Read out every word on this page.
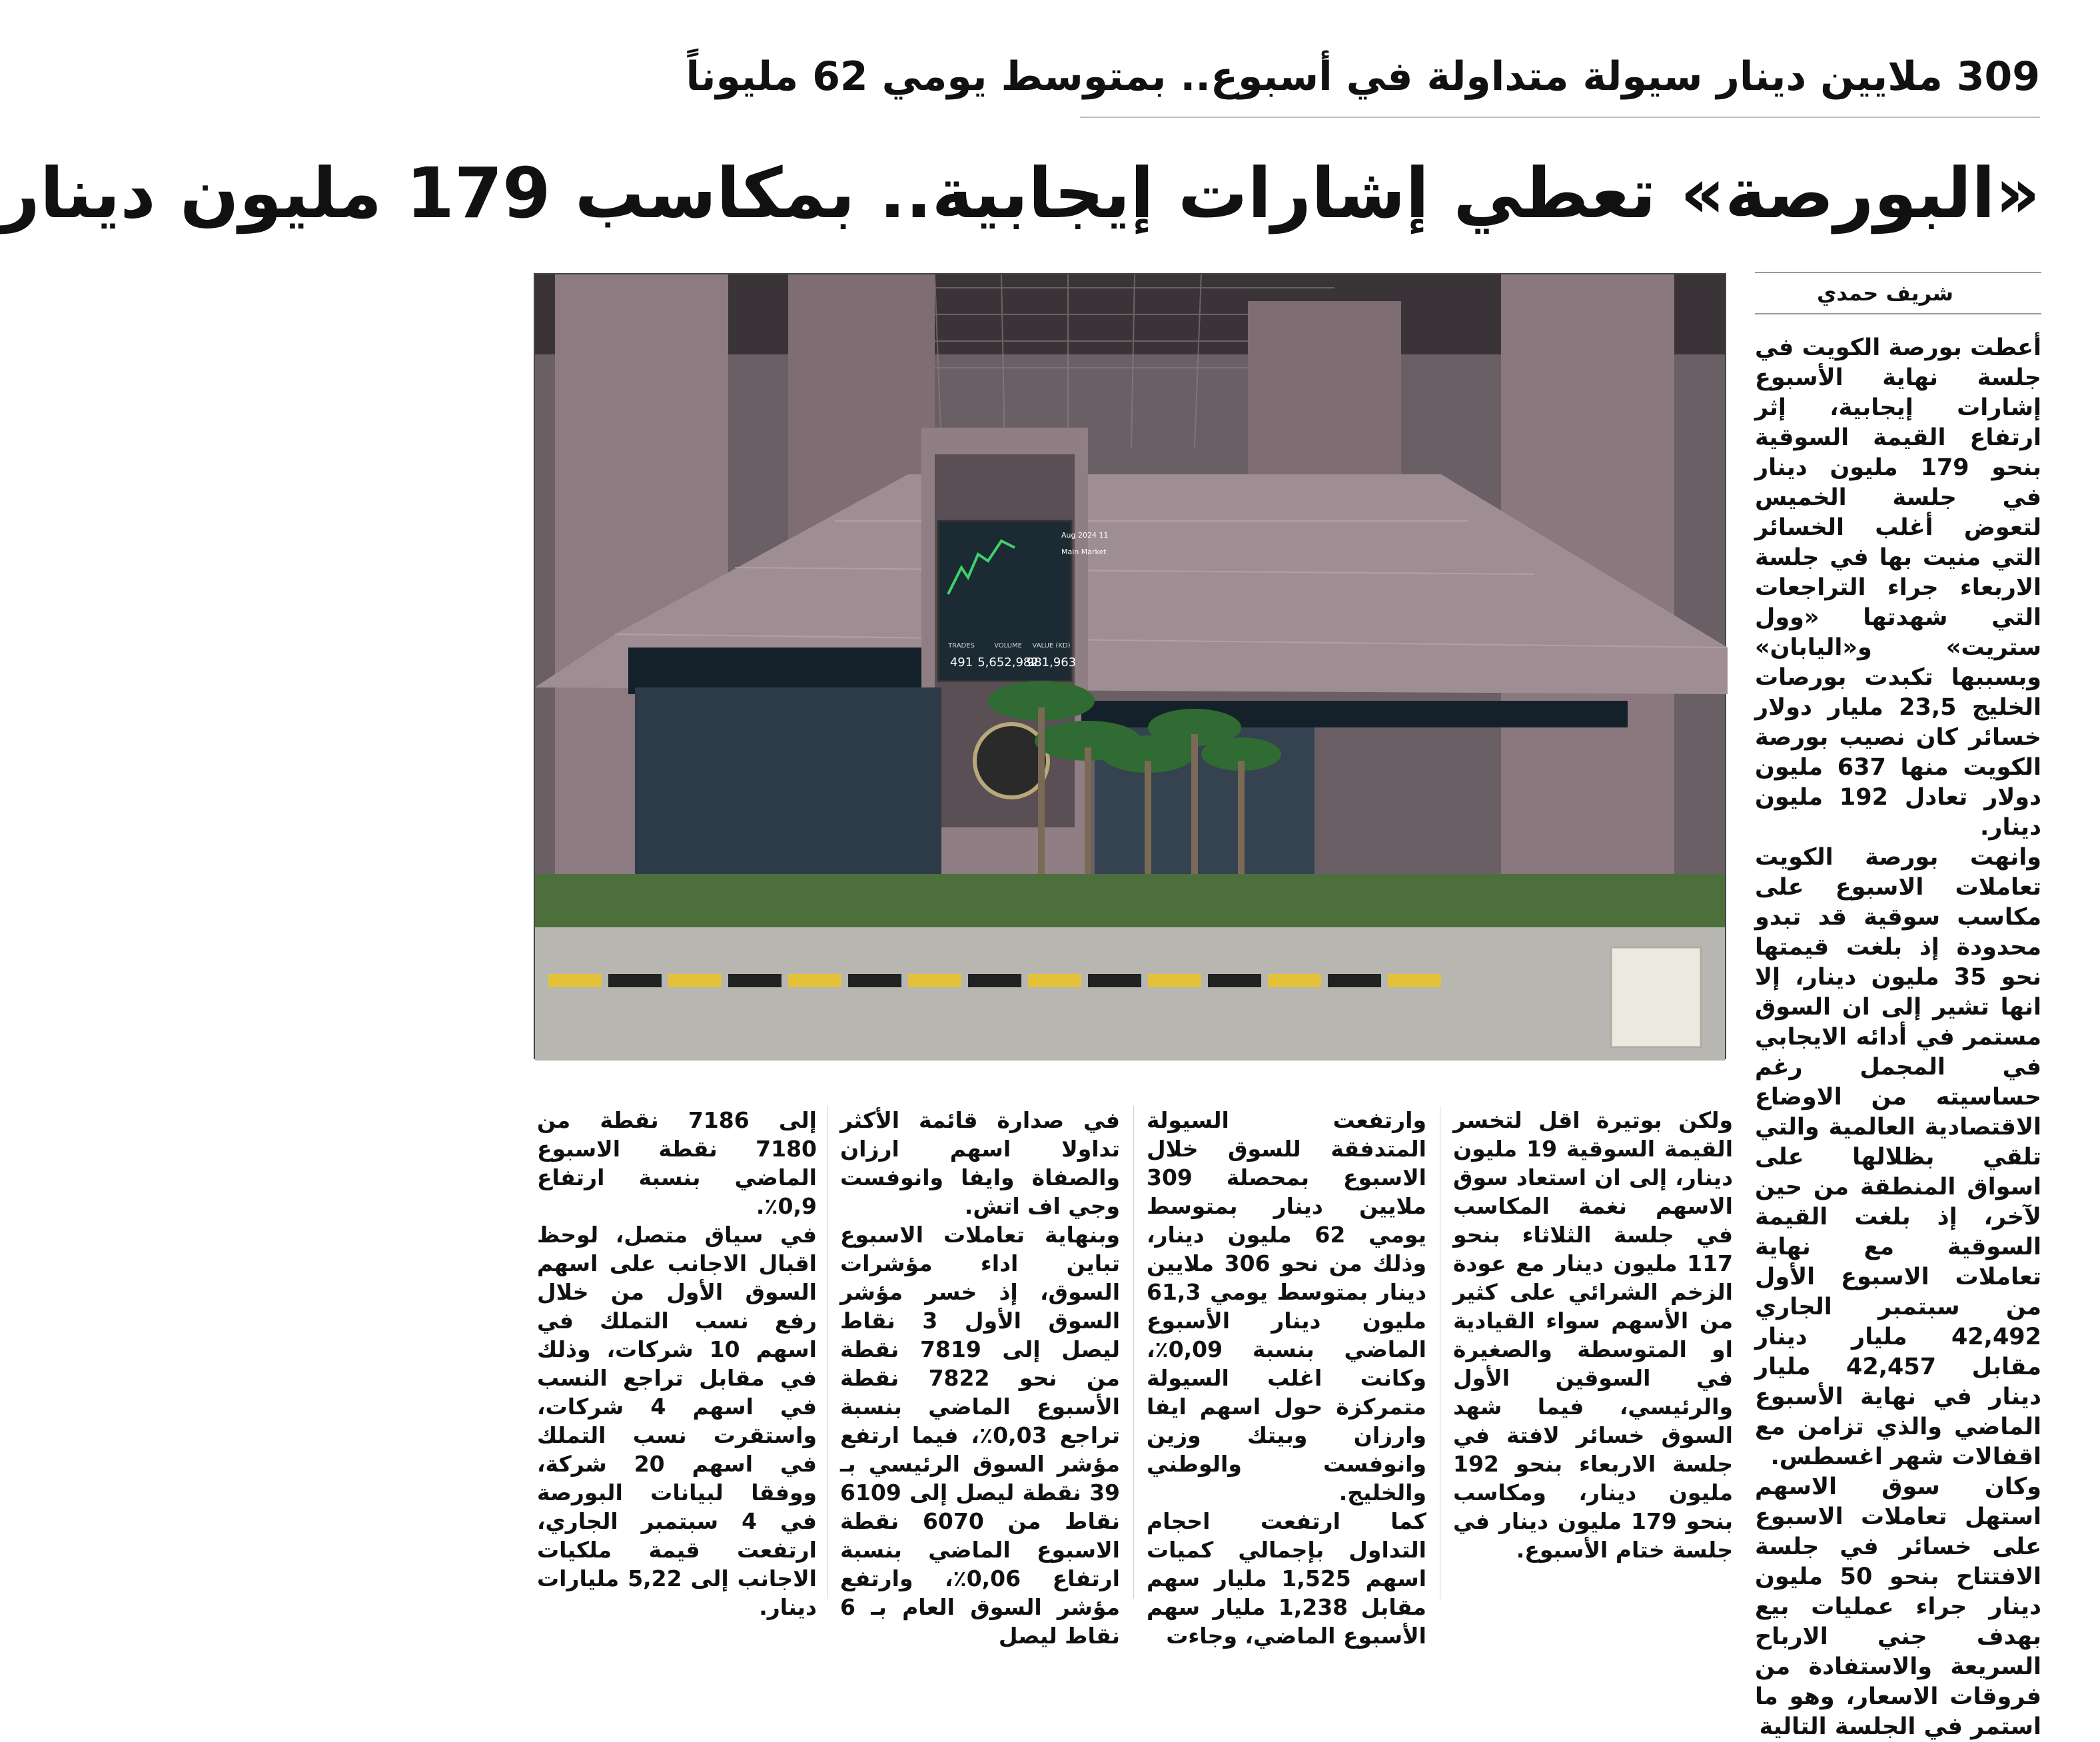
309 ملايين دينار سيولة متداولة في أسبوع.. بمتوسط يومي 62 مليوناً
«البورصة» تعطي إشارات إيجابية.. بمكاسب 179 مليون دينار
11 Aug 2024
Main Market
TRADES
491
VOLUME
5,652,982
VALUE (KD)
981,963
شريف حمدي

أعطت بورصة الكويت في جلسة نهاية الأسبوع إشارات إيجابية، إثر ارتفاع القيمة السوقية بنحو 179 مليون دينار في جلسة الخميس لتعوض أغلب الخسائر التي منيت بها في جلسة الاربعاء جراء التراجعات التي شهدتها «وول ستريت» و«اليابان» وبسببها تكبدت بورصات الخليج 23,5 مليار دولار خسائر كان نصيب بورصة الكويت منها 637 مليون دولار تعادل 192 مليون دينار.

وانهت بورصة الكويت تعاملات الاسبوع على مكاسب سوقية قد تبدو محدودة إذ بلغت قيمتها نحو 35 مليون دينار، إلا انها تشير إلى ان السوق مستمر في أدائه الايجابي في المجمل رغم حساسيته من الاوضاع الاقتصادية العالمية والتي تلقي بظلالها على اسواق المنطقة من حين لآخر، إذ بلغت القيمة السوقية مع نهاية تعاملات الاسبوع الأول من سبتمبر الجاري 42,492 مليار دينار مقابل 42,457 مليار دينار في نهاية الأسبوع الماضي والذي تزامن مع اقفالات شهر اغسطس.

وكان سوق الاسهم استهل تعاملات الاسبوع على خسائر في جلسة الافتتاح بنحو 50 مليون دينار جراء عمليات بيع بهدف جني الارباح السريعة والاستفادة من فروقات الاسعار، وهو ما استمر في الجلسة التالية

ولكن بوتيرة اقل لتخسر القيمة السوقية 19 مليون دينار، إلى ان استعاد سوق الاسهم نغمة المكاسب في جلسة الثلاثاء بنحو 117 مليون دينار مع عودة الزخم الشرائي على كثير من الأسهم سواء القيادية او المتوسطة والصغيرة في السوقين الأول والرئيسي، فيما شهد السوق خسائر لافتة في جلسة الاربعاء بنحو 192 مليون دينار، ومكاسب بنحو 179 مليون دينار في جلسة ختام الأسبوع.

وارتفعت السيولة المتدفقة للسوق خلال الاسبوع بمحصلة 309 ملايين دينار بمتوسط يومي 62 مليون دينار، وذلك من نحو 306 ملايين دينار بمتوسط يومي 61,3 مليون دينار الأسبوع الماضي بنسبة 0,09٪، وكانت اغلب السيولة متمركزة حول اسهم ايفا وارزان وبيتك وزين وانوفست والوطني والخليج.

كما ارتفعت احجام التداول بإجمالي كميات اسهم 1,525 مليار سهم مقابل 1,238 مليار سهم الأسبوع الماضي، وجاءت

في صدارة قائمة الأكثر تداولا اسهم ارزان والصفاة وايفا وانوفست وجي اف اتش.

وبنهاية تعاملات الاسبوع تباين اداء مؤشرات السوق، إذ خسر مؤشر السوق الأول 3 نقاط ليصل إلى 7819 نقطة من نحو 7822 نقطة الأسبوع الماضي بنسبة تراجع 0,03٪، فيما ارتفع مؤشر السوق الرئيسي بـ 39 نقطة ليصل إلى 6109 نقاط من 6070 نقطة الاسبوع الماضي بنسبة ارتفاع 0,06٪، وارتفع مؤشر السوق العام بـ 6 نقاط ليصل

إلى 7186 نقطة من 7180 نقطة الاسبوع الماضي بنسبة ارتفاع 0,9٪.

في سياق متصل، لوحظ اقبال الاجانب على اسهم السوق الأول من خلال رفع نسب التملك في اسهم 10 شركات، وذلك في مقابل تراجع النسب في اسهم 4 شركات، واستقرت نسب التملك في اسهم 20 شركة، ووفقا لبيانات البورصة في 4 سبتمبر الجاري، ارتفعت قيمة ملكيات الاجانب إلى 5,22 مليارات دينار.
